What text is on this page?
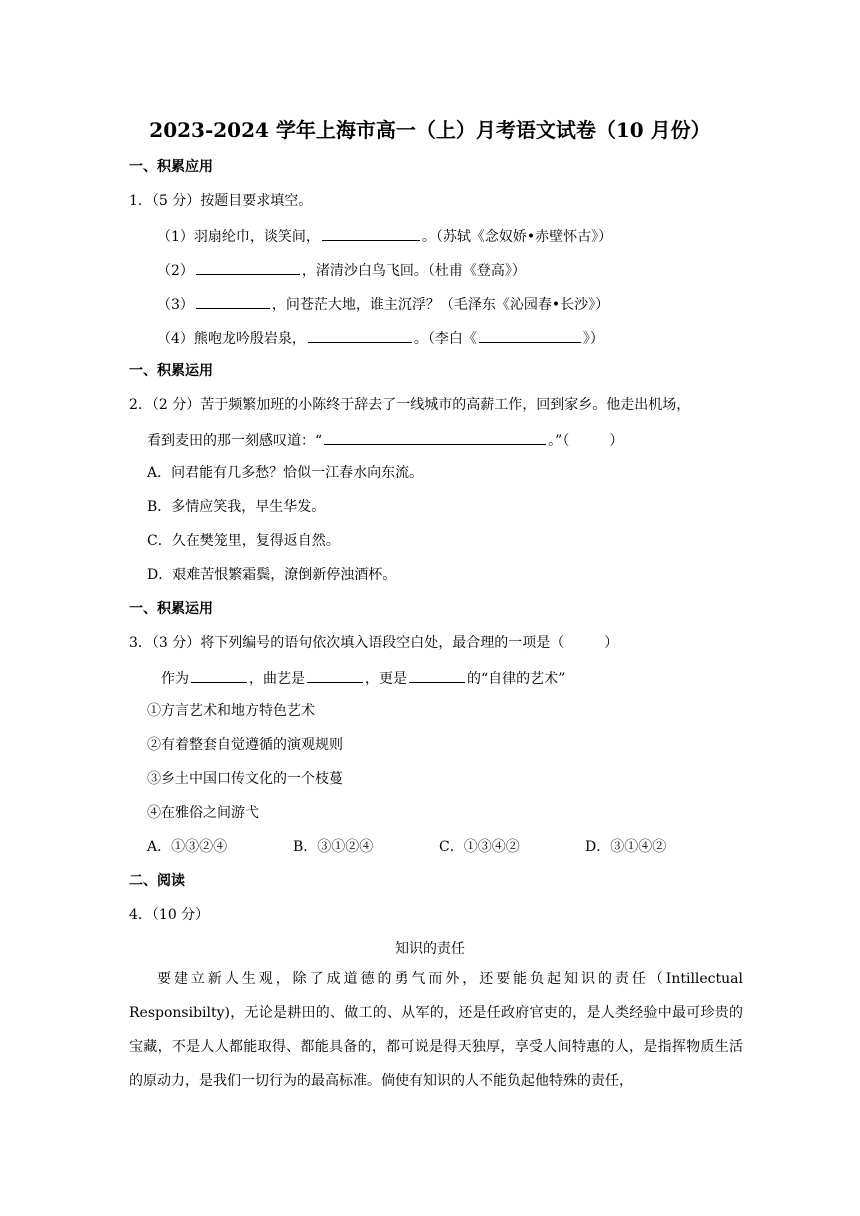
2023-2024 学年上海市高一（上）月考语文试卷（10 月份）
一、积累应用
1．（5 分）按题目要求填空。
（1）羽扇纶巾，谈笑间，	。（苏轼《念奴娇•赤壁怀古》）
（2）	，渚清沙白鸟飞回。（杜甫《登高》）
（3）	，问苍茫大地，谁主沉浮？（毛泽东《沁园春•长沙》）
（4）熊咆龙吟殷岩泉，	。（李白《	》）
一、积累运用
2．（2 分）苦于频繁加班的小陈终于辞去了一线城市的高薪工作，回到家乡。他走出机场，
看到麦田的那一刻感叹道：“	。”（	）
A．问君能有几多愁？恰似一江春水向东流。
B．多情应笑我，早生华发。
C．久在樊笼里，复得返自然。
D．艰难苦恨繁霜鬓，潦倒新停浊酒杯。
一、积累运用
3．（3 分）将下列编号的语句依次填入语段空白处，最合理的一项是（	）
作为	，曲艺是	，更是	的“自律的艺术”
①方言艺术和地方特色艺术
②有着整套自觉遵循的演观规则
③乡土中国口传文化的一个枝蔓
④在雅俗之间游弋
A．①③②④	B．③①②④	C．①③④②	D．③①④②
二、阅读
4．（10 分）
知识的责任
要建立新人生观，除了成道德的勇气而外，还要能负起知识的责任（Intillectual Responsibilty)，无论是耕田的、做工的、从军的，还是任政府官吏的，是人类经验中最可珍贵的宝藏，不是人人都能取得、都能具备的，都可说是得天独厚，享受人间特惠的人，是指挥物质生活的原动力，是我们一切行为的最高标准。倘使有知识的人不能负起他特殊的责任，
